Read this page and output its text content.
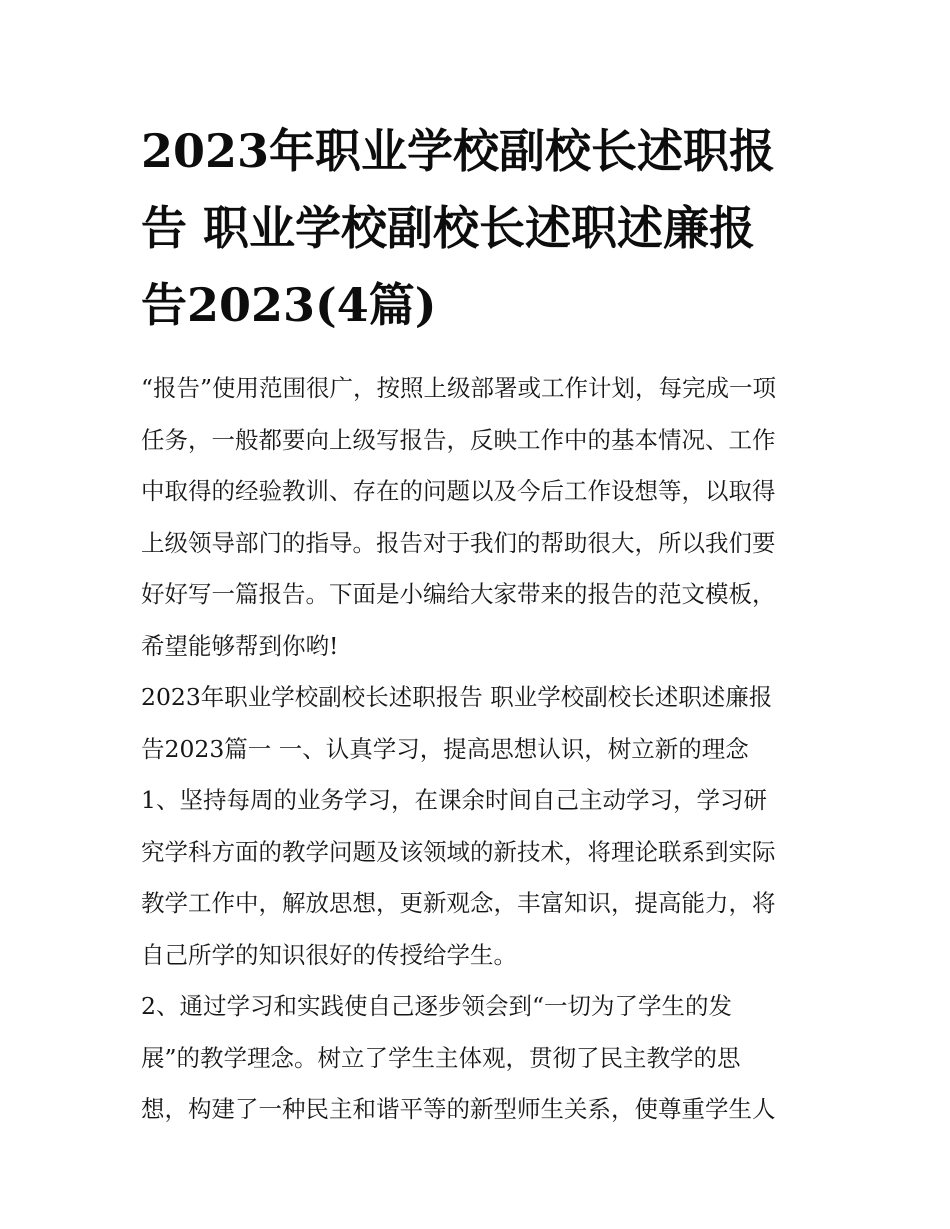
2023年职业学校副校长述职报
告 职业学校副校长述职述廉报
告2023(4篇)

“报告”使用范围很广，按照上级部署或工作计划，每完成一项
任务，一般都要向上级写报告，反映工作中的基本情况、工作
中取得的经验教训、存在的问题以及今后工作设想等，以取得
上级领导部门的指导。报告对于我们的帮助很大，所以我们要
好好写一篇报告。下面是小编给大家带来的报告的范文模板，
希望能够帮到你哟!

2023年职业学校副校长述职报告 职业学校副校长述职述廉报
告2023篇一 一、认真学习，提高思想认识，树立新的理念

1、坚持每周的业务学习，在课余时间自己主动学习，学习研
究学科方面的教学问题及该领域的新技术，将理论联系到实际
教学工作中，解放思想，更新观念，丰富知识，提高能力，将
自己所学的知识很好的传授给学生。

2、通过学习和实践使自己逐步领会到“一切为了学生的发
展”的教学理念。树立了学生主体观，贯彻了民主教学的思
想，构建了一种民主和谐平等的新型师生关系，使尊重学生人
